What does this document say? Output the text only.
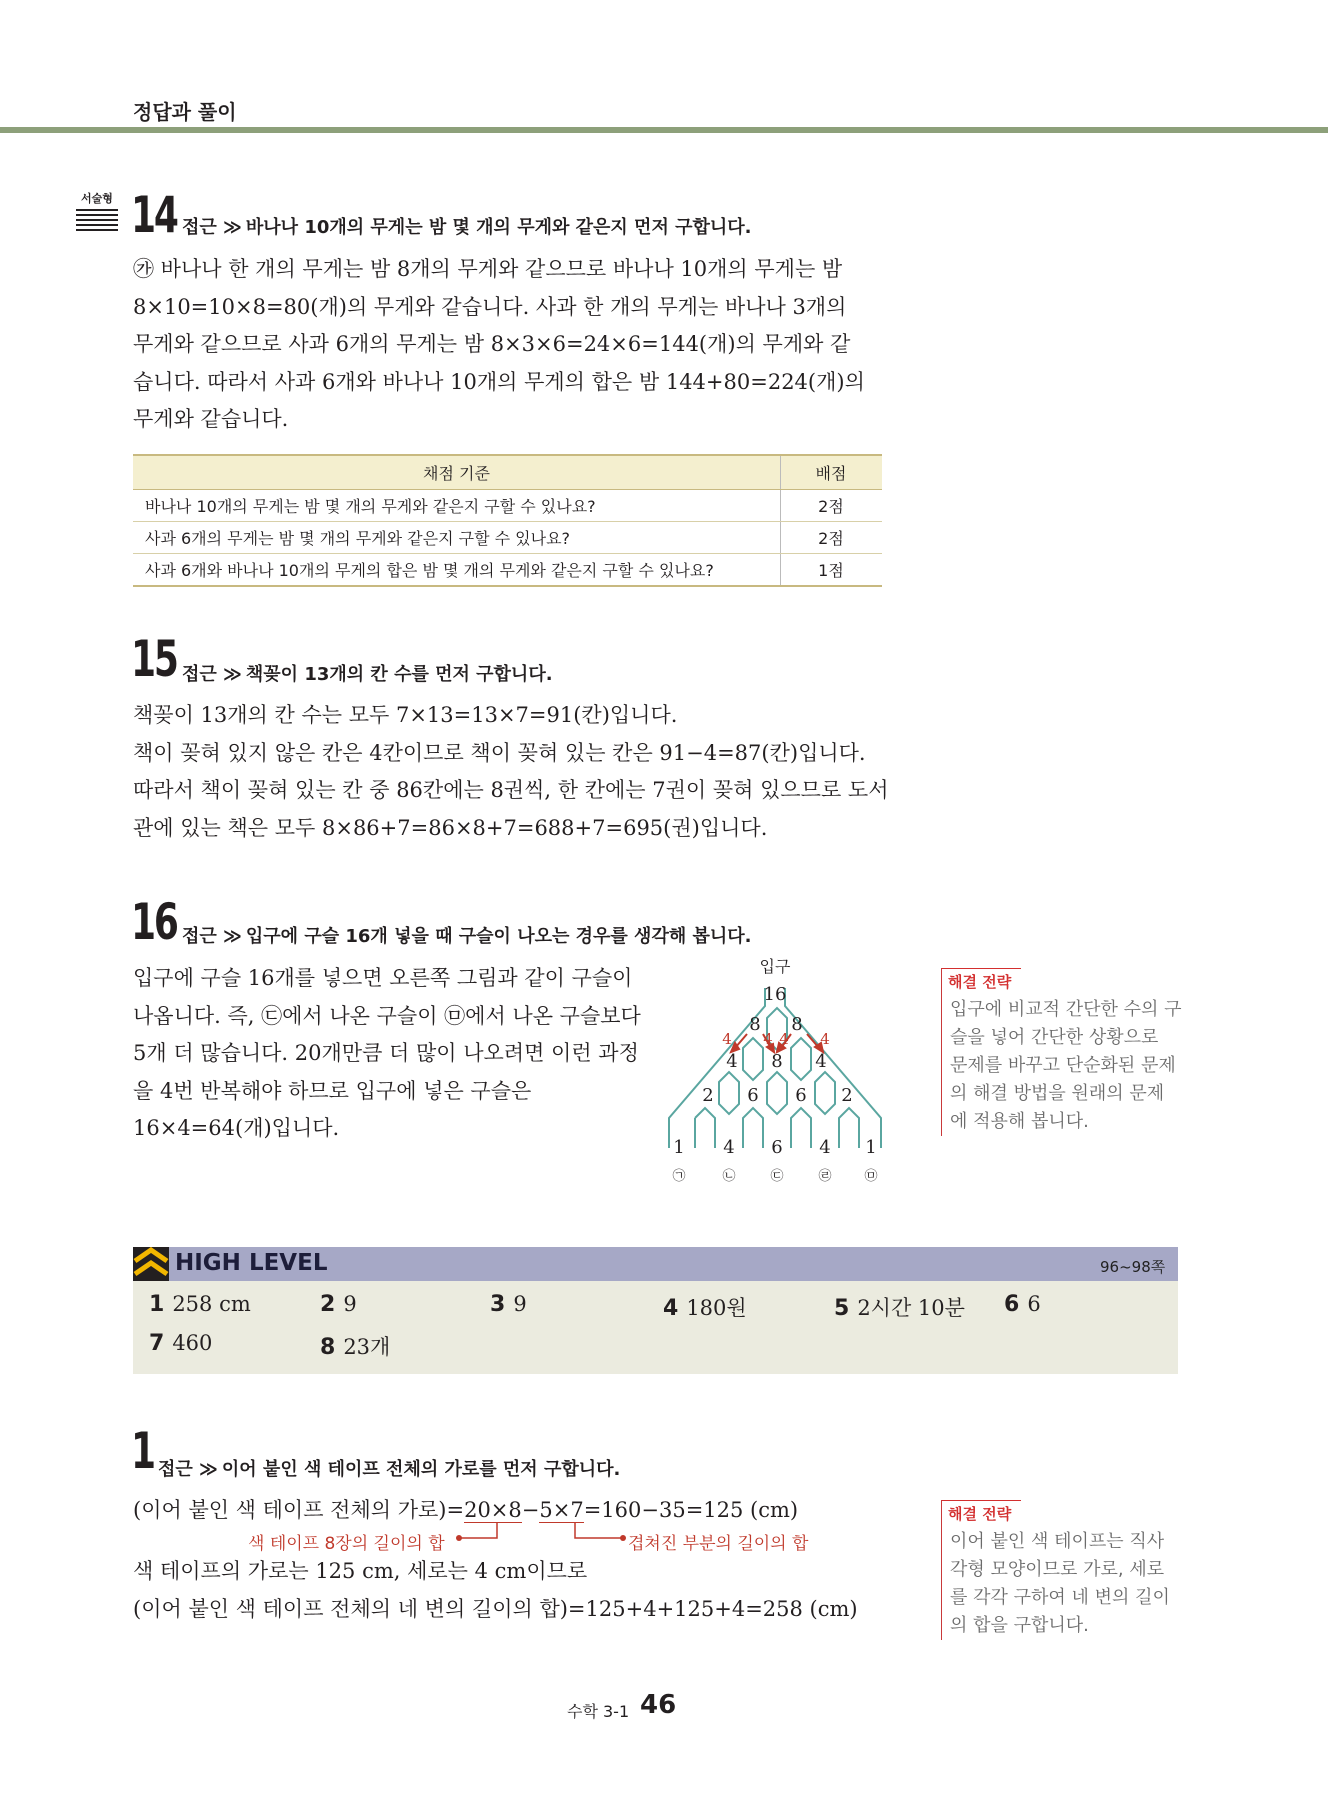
정답과 풀이
서술형 14 접근 ≫ 바나나 10개의 무게는 밤 몇 개의 무게와 같은지 먼저 구합니다.

㉮ 바나나 한 개의 무게는 밤 8개의 무게와 같으므로 바나나 10개의 무게는 밤

8×10=10×8=80(개)의 무게와 같습니다. 사과 한 개의 무게는 바나나 3개의

무게와 같으므로 사과 6개의 무게는 밤 8×3×6=24×6=144(개)의 무게와 같

습니다. 따라서 사과 6개와 바나나 10개의 무게의 합은 밤 144+80=224(개)의

무게와 같습니다.

채점 기준	배점
바나나 10개의 무게는 밤 몇 개의 무게와 같은지 구할 수 있나요?	2점
사과 6개의 무게는 밤 몇 개의 무게와 같은지 구할 수 있나요?	2점
사과 6개와 바나나 10개의 무게의 합은 밤 몇 개의 무게와 같은지 구할 수 있나요?	1점
15 접근 ≫ 책꽂이 13개의 칸 수를 먼저 구합니다.

책꽂이 13개의 칸 수는 모두 7×13=13×7=91(칸)입니다.

책이 꽂혀 있지 않은 칸은 4칸이므로 책이 꽂혀 있는 칸은 91−4=87(칸)입니다.

따라서 책이 꽂혀 있는 칸 중 86칸에는 8권씩, 한 칸에는 7권이 꽂혀 있으므로 도서

관에 있는 책은 모두 8×86+7=86×8+7=688+7=695(권)입니다.

16 접근 ≫ 입구에 구슬 16개 넣을 때 구슬이 나오는 경우를 생각해 봅니다.

입구에 구슬 16개를 넣으면 오른쪽 그림과 같이 구슬이

나옵니다. 즉, ㉢에서 나온 구슬이 ㉤에서 나온 구슬보다

5개 더 많습니다. 20개만큼 더 많이 나오려면 이런 과정

을 4번 반복해야 하므로 입구에 넣은 구슬은

16×4=64(개)입니다.

입구
16
8 8
4 8 4
2 6 6 2
1 4 6 4 1
4 4 4 4
㉠	㉡	㉢	㉣	㉤
해결 전략

입구에 비교적 간단한 수의 구

슬을 넣어 간단한 상황으로

문제를 바꾸고 단순화된 문제

의 해결 방법을 원래의 문제

에 적용해 봅니다.

HIGH LEVEL	96~98쪽
1 258 cm	2 9	3 9	4 180원	5 2시간 10분 6 6
7 460	8 23개
1 접근 ≫ 이어 붙인 색 테이프 전체의 가로를 먼저 구합니다.

(이어 붙인 색 테이프 전체의 가로)=20×8−5×7=160−35=125 (cm)

색 테이프 8장의 길이의 합	겹쳐진 부분의 길이의 합

색 테이프의 가로는 125 cm, 세로는 4 cm이므로

(이어 붙인 색 테이프 전체의 네 변의 길이의 합)=125+4+125+4=258 (cm)

해결 전략

이어 붙인 색 테이프는 직사

각형 모양이므로 가로, 세로

를 각각 구하여 네 변의 길이

의 합을 구합니다.

수학 3-1 46
